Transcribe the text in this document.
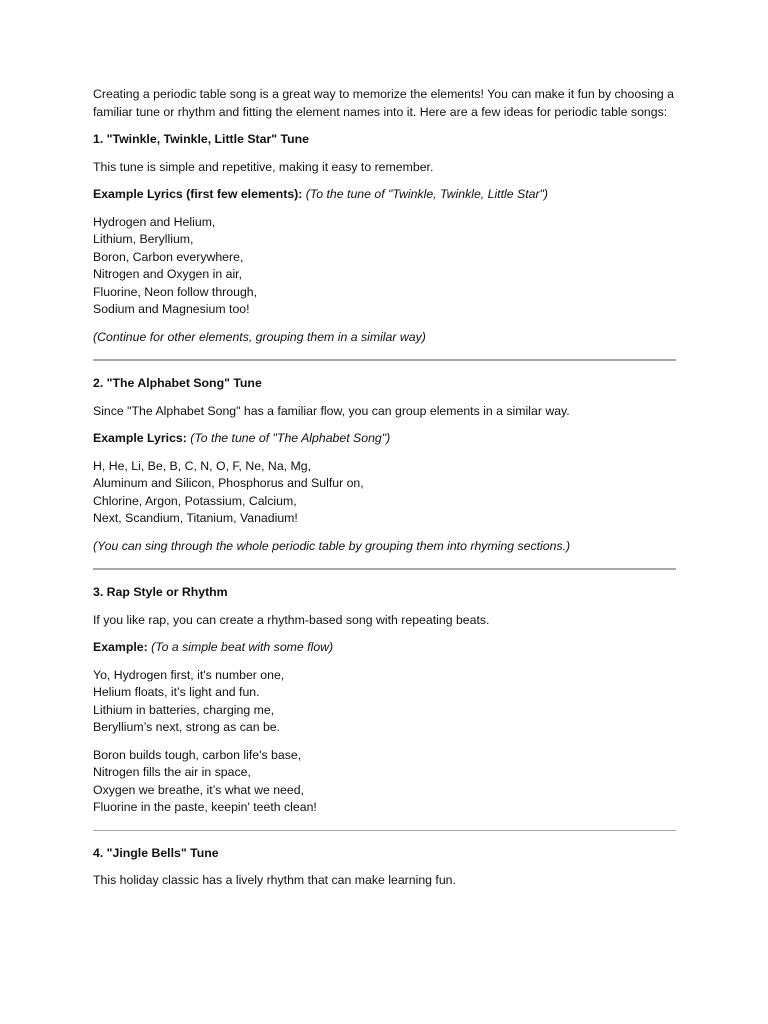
Creating a periodic table song is a great way to memorize the elements! You can make it fun by choosing a familiar tune or rhythm and fitting the element names into it. Here are a few ideas for periodic table songs:

1. "Twinkle, Twinkle, Little Star" Tune

This tune is simple and repetitive, making it easy to remember.

Example Lyrics (first few elements): (To the tune of "Twinkle, Twinkle, Little Star")

Hydrogen and Helium,
Lithium, Beryllium,
Boron, Carbon everywhere,
Nitrogen and Oxygen in air,
Fluorine, Neon follow through,
Sodium and Magnesium too!

(Continue for other elements, grouping them in a similar way)

2. "The Alphabet Song" Tune

Since "The Alphabet Song" has a familiar flow, you can group elements in a similar way.

Example Lyrics: (To the tune of "The Alphabet Song")

H, He, Li, Be, B, C, N, O, F, Ne, Na, Mg,
Aluminum and Silicon, Phosphorus and Sulfur on,
Chlorine, Argon, Potassium, Calcium,
Next, Scandium, Titanium, Vanadium!

(You can sing through the whole periodic table by grouping them into rhyming sections.)

3. Rap Style or Rhythm

If you like rap, you can create a rhythm-based song with repeating beats.

Example: (To a simple beat with some flow)

Yo, Hydrogen first, it's number one,
Helium floats, it’s light and fun.
Lithium in batteries, charging me,
Beryllium’s next, strong as can be.
Boron builds tough, carbon life's base,
Nitrogen fills the air in space,
Oxygen we breathe, it’s what we need,
Fluorine in the paste, keepin' teeth clean!

4. "Jingle Bells" Tune

This holiday classic has a lively rhythm that can make learning fun.
